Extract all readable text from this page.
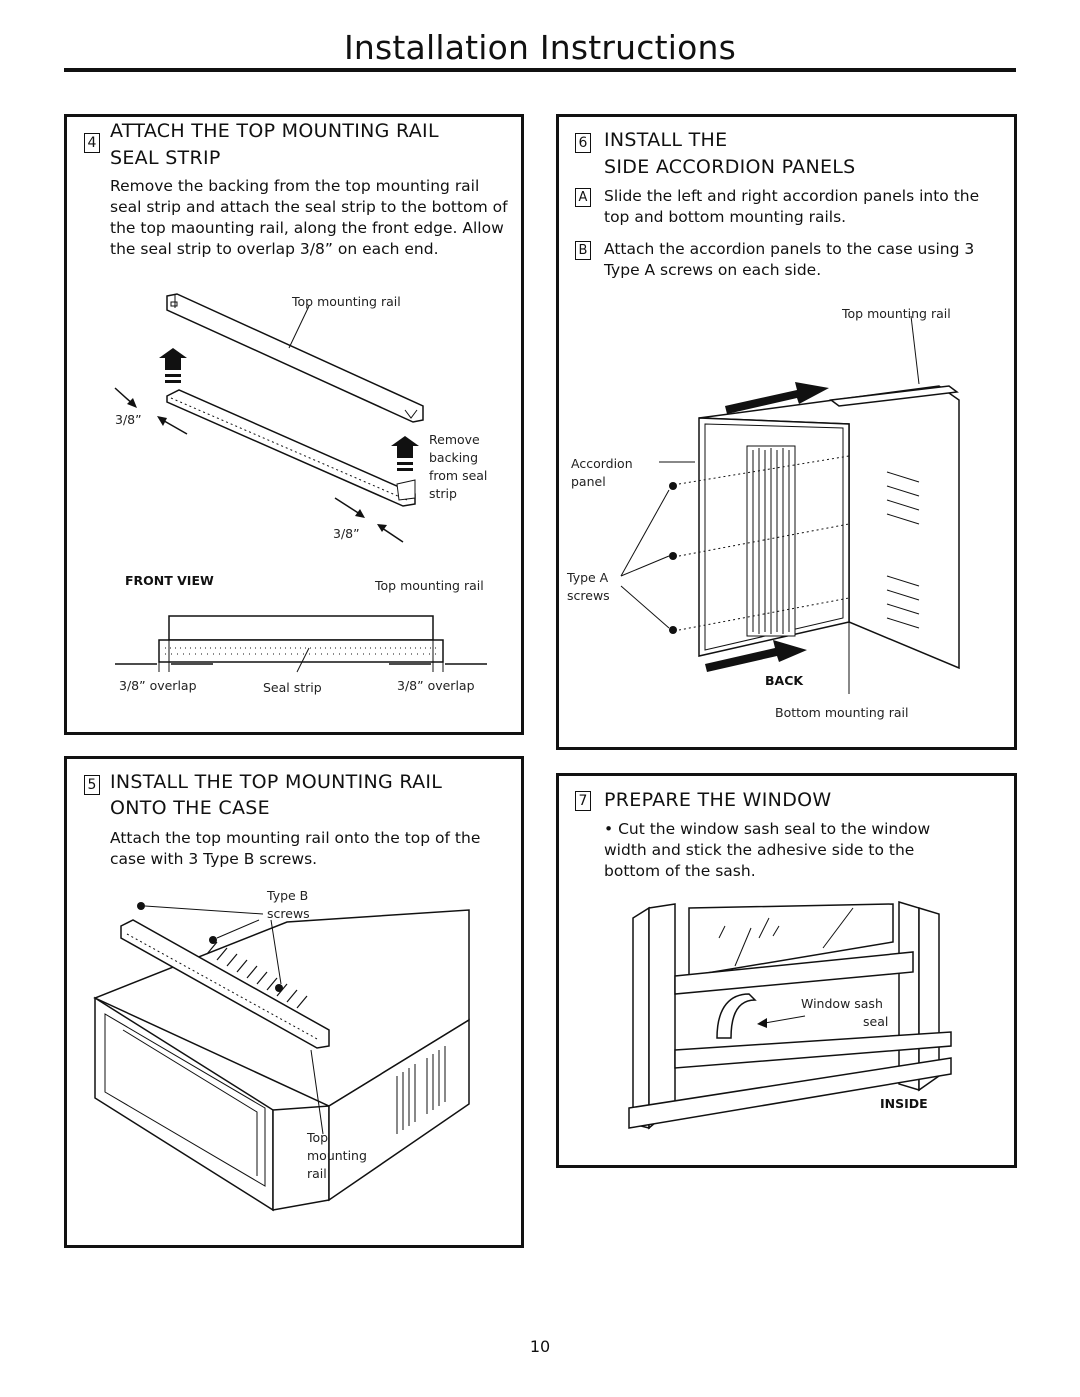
Installation Instructions
4
ATTACH THE TOP MOUNTING RAIL
SEAL STRIP
Remove the backing from the top mounting rail seal strip and attach the seal strip to the bottom of the top maounting rail, along the front edge. Allow the seal strip to overlap 3/8” on each end.
Top mounting rail
3/8”
Remove
backing
from seal
strip
3/8”
FRONT VIEW	Top mounting rail
3/8” overlap	Seal strip	3/8” overlap
5 INSTALL THE TOP MOUNTING RAIL
ONTO THE CASE
Attach the top mounting rail onto the top of the case with 3 Type B screws.
Type B
screws
Top
mounting
rail
6 INSTALL THE
SIDE ACCORDION PANELS
A Slide the left and right accordion panels into the top and bottom mounting rails.
B Attach the accordion panels to the case using 3 Type A screws on each side.
Top mounting rail
Accordion
panel
Type A
screws
BACK
Bottom mounting rail
7 PREPARE THE WINDOW
• Cut the window sash seal to the window width and stick the adhesive side to the bottom of the sash.
Window sash
seal
INSIDE
10
